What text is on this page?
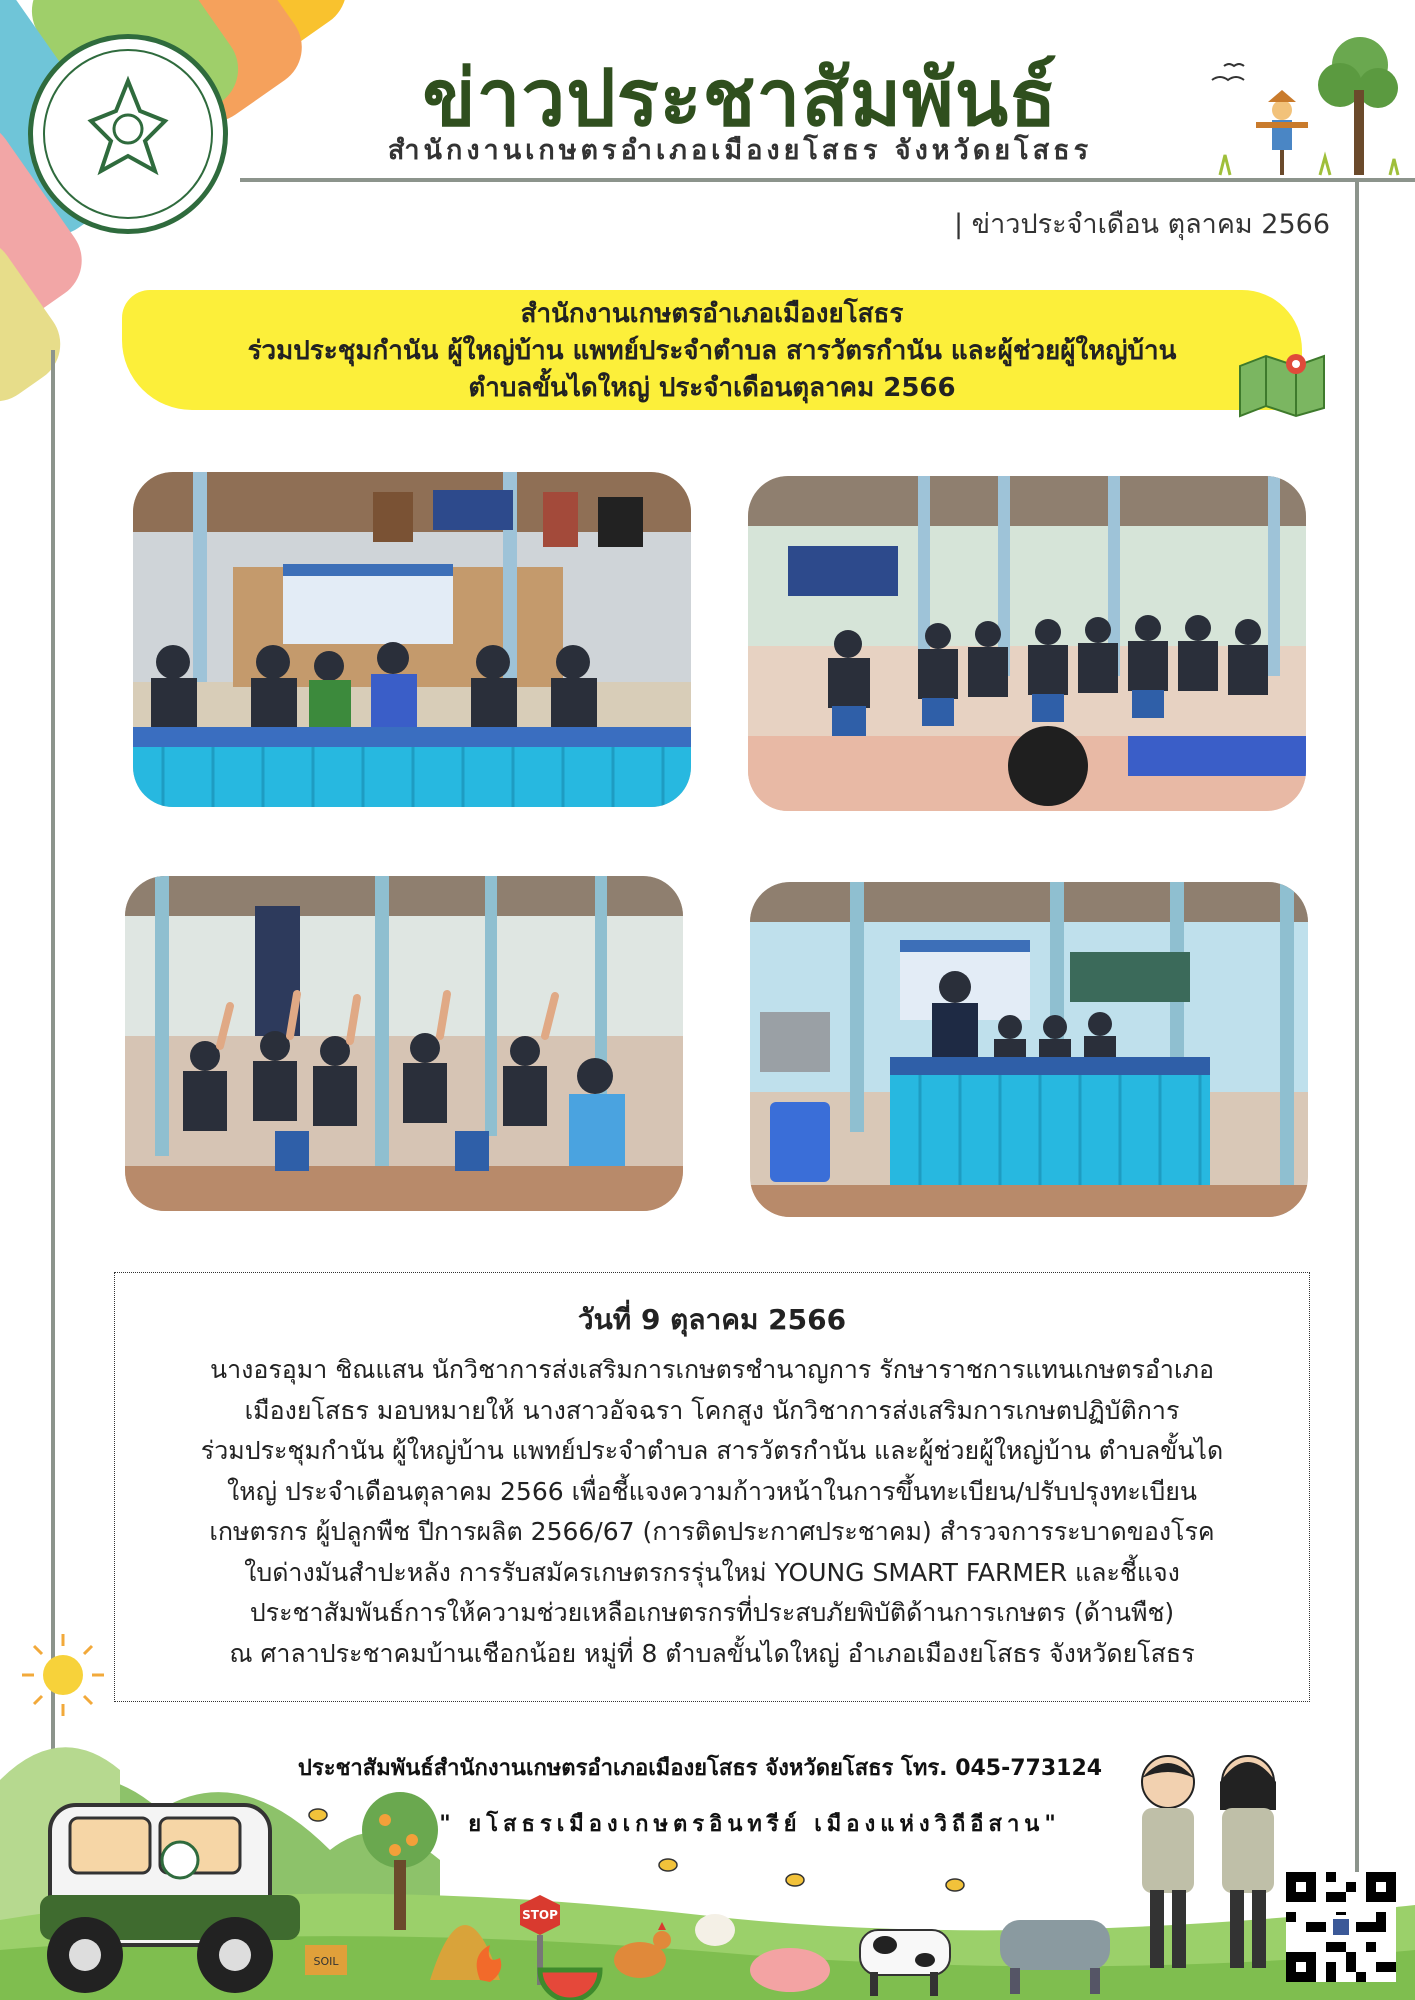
ข่าวประชาสัมพันธ์
สำนักงานเกษตรอำเภอเมืองยโสธร จังหวัดยโสธร
| ข่าวประจำเดือน ตุลาคม 2566
สำนักงานเกษตรอำเภอเมืองยโสธร
ร่วมประชุมกำนัน ผู้ใหญ่บ้าน แพทย์ประจำตำบล สารวัตรกำนัน และผู้ช่วยผู้ใหญ่บ้าน
ตำบลขั้นไดใหญ่ ประจำเดือนตุลาคม 2566
วันที่ 9 ตุลาคม 2566
นางอรอุมา ชิณแสน นักวิชาการส่งเสริมการเกษตรชำนาญการ รักษาราชการแทนเกษตรอำเภอ
เมืองยโสธร มอบหมายให้ นางสาวอัจฉรา โคกสูง นักวิชาการส่งเสริมการเกษตปฏิบัติการ
ร่วมประชุมกำนัน ผู้ใหญ่บ้าน แพทย์ประจำตำบล สารวัตรกำนัน และผู้ช่วยผู้ใหญ่บ้าน ตำบลขั้นได
ใหญ่ ประจำเดือนตุลาคม 2566 เพื่อชี้แจงความก้าวหน้าในการขึ้นทะเบียน/ปรับปรุงทะเบียน
เกษตรกร ผู้ปลูกพืช ปีการผลิต 2566/67 (การติดประกาศประชาคม) สำรวจการระบาดของโรค
ใบด่างมันสำปะหลัง การรับสมัครเกษตรกรรุ่นใหม่ YOUNG SMART FARMER และชี้แจง
ประชาสัมพันธ์การให้ความช่วยเหลือเกษตรกรที่ประสบภัยพิบัติด้านการเกษตร (ด้านพืช)
ณ ศาลาประชาคมบ้านเชือกน้อย หมู่ที่ 8 ตำบลขั้นไดใหญ่ อำเภอเมืองยโสธร จังหวัดยโสธร
STOP
SOIL
ประชาสัมพันธ์สำนักงานเกษตรอำเภอเมืองยโสธร จังหวัดยโสธร โทร. 045-773124
" ยโสธรเมืองเกษตรอินทรีย์ เมืองแห่งวิถีอีสาน"
